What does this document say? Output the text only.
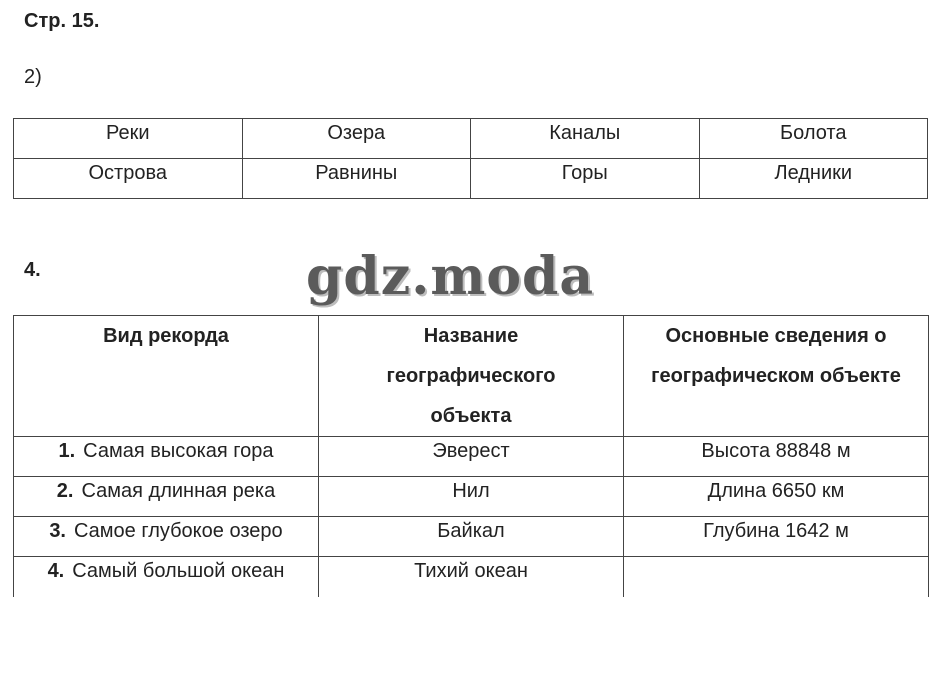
Стр. 15.
2)
Реки	Озера	Каналы	Болота
Острова	Равнины	Горы	Ледники
4.	gdz.moda
Вид рекорда	Название географического объекта	Основные сведения о географическом объекте
1. Самая высокая гора	Эверест	Высота 88848 м
2. Самая длинная река	Нил	Длина 6650 км
3. Самое глубокое озеро	Байкал	Глубина 1642 м
4. Самый большой океан	Тихий океан	
